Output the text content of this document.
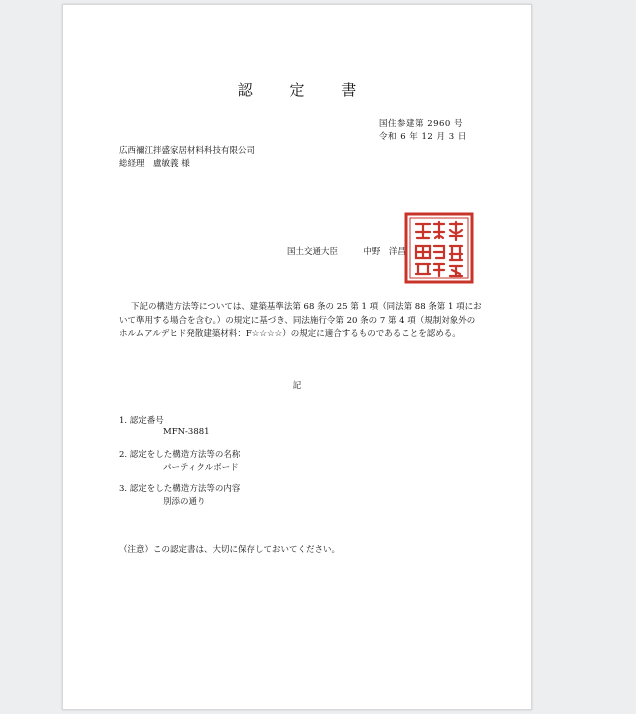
認 定 書
国住参建第 2960 号
令和 6 年 12 月 3 日
広西禰江拌盛家居材料科技有限公司
総経理　盧敏義 様
国土交通大臣	中野　洋昌

下記の構造方法等については、建築基準法第 68 条の 25 第 1 項（同法第 88 条第 1 項にお

いて準用する場合を含む。）の規定に基づき、同法施行令第 20 条の 7 第 4 項（規制対象外の

ホルムアルデヒド発散建築材料：F☆☆☆☆）の規定に適合するものであることを認める。

記
1. 認定番号
MFN-3881
2. 認定をした構造方法等の名称
パーティクルボード
3. 認定をした構造方法等の内容
別添の通り
（注意）この認定書は、大切に保存しておいてください。
